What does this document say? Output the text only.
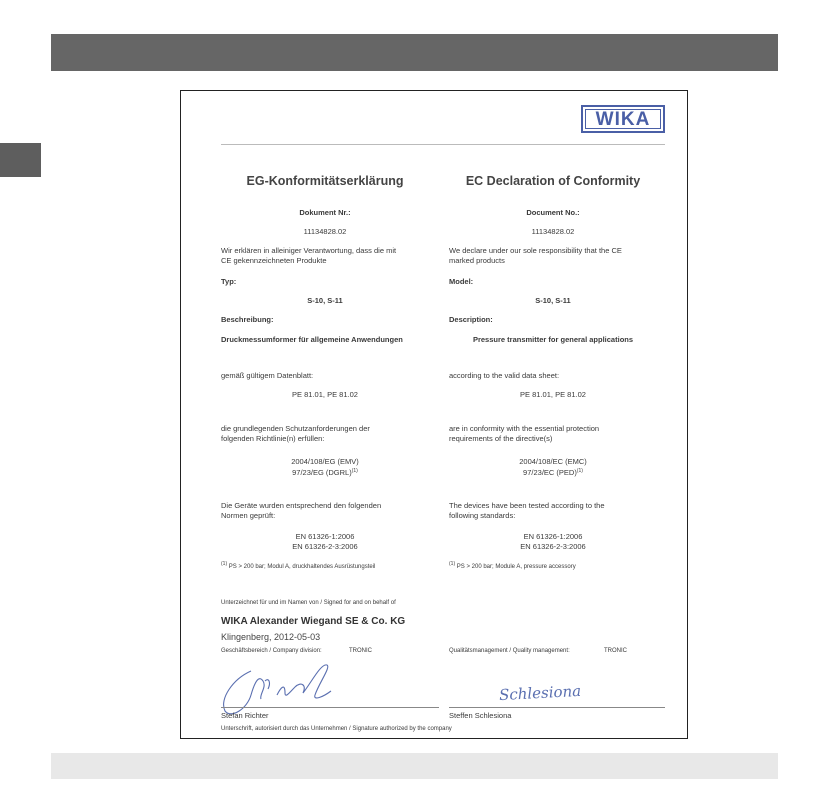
WIKA
EG-Konformitätserklärung
Dokument Nr.:
11134828.02
Wir erklären in alleiniger Verantwortung, dass die mit
CE gekennzeichneten Produkte
Typ:
S-10, S-11
Beschreibung:
Druckmessumformer für allgemeine Anwendungen
gemäß gültigem Datenblatt:
PE 81.01, PE 81.02
die grundlegenden Schutzanforderungen der
folgenden Richtlinie(n) erfüllen:
2004/108/EG (EMV)
97/23/EG (DGRL)$^{(1)}$
Die Geräte wurden entsprechend den folgenden
Normen geprüft:
EN 61326-1:2006
EN 61326-2-3:2006
$^{(1)}$ PS > 200 bar; Modul A, druckhaltendes Ausrüstungsteil
EC Declaration of Conformity
Document No.:
11134828.02
We declare under our sole responsibility that the CE
marked products
Model:
S-10, S-11
Description:
Pressure transmitter for general applications
according to the valid data sheet:
PE 81.01, PE 81.02
are in conformity with the essential protection
requirements of the directive(s)
2004/108/EC (EMC)
97/23/EC (PED)$^{(1)}$
The devices have been tested according to the
following standards:
EN 61326-1:2006
EN 61326-2-3:2006
$^{(1)}$ PS > 200 bar; Module A, pressure accessory
Unterzeichnet für und im Namen von / Signed for and on behalf of
WIKA Alexander Wiegand SE & Co. KG
Klingenberg, 2012-05-03
Geschäftsbereich / Company division:	TRONIC	Qualitätsmanagement / Quality management:	TRONIC
Stefan Richter
Schlesiona
Steffen Schlesiona
Unterschrift, autorisiert durch das Unternehmen / Signature authorized by the company
